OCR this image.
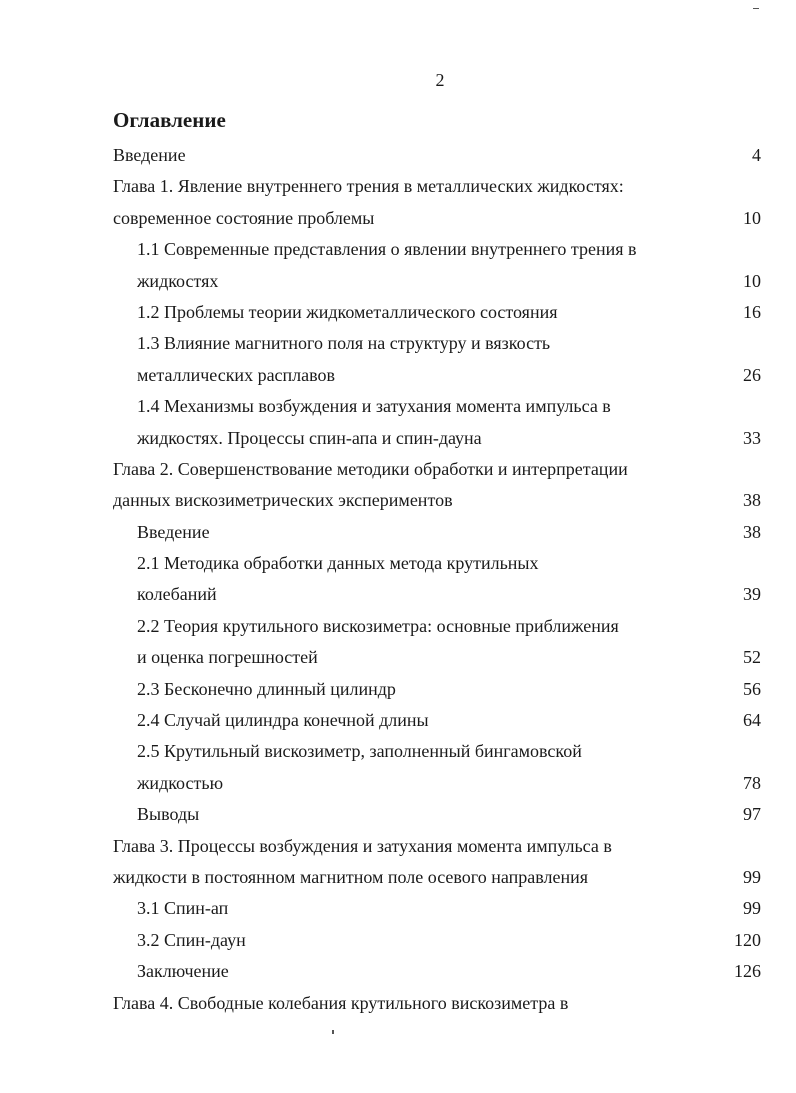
2
Оглавление
Введение	4
Глава 1. Явление внутреннего трения в металлических жидкостях:
современное состояние проблемы	10
1.1 Современные представления о явлении внутреннего трения в
жидкостях	10
1.2 Проблемы теории жидкометаллического состояния	16
1.3 Влияние магнитного поля на структуру и вязкость
металлических расплавов	26
1.4 Механизмы возбуждения и затухания момента импульса в
жидкостях. Процессы спин-апа и спин-дауна	33
Глава 2. Совершенствование методики обработки и интерпретации
данных вискозиметрических экспериментов	38
Введение	38
2.1 Методика обработки данных метода крутильных
колебаний	39
2.2 Теория крутильного вискозиметра: основные приближения
и оценка погрешностей	52
2.3 Бесконечно длинный цилиндр	56
2.4 Случай цилиндра конечной длины	64
2.5 Крутильный вискозиметр, заполненный бингамовской
жидкостью	78
Выводы	97
Глава 3. Процессы возбуждения и затухания момента импульса в
жидкости в постоянном магнитном поле осевого направления	99
3.1 Спин-ап	99
3.2 Спин-даун	120
Заключение	126
Глава 4. Свободные колебания крутильного вискозиметра в
